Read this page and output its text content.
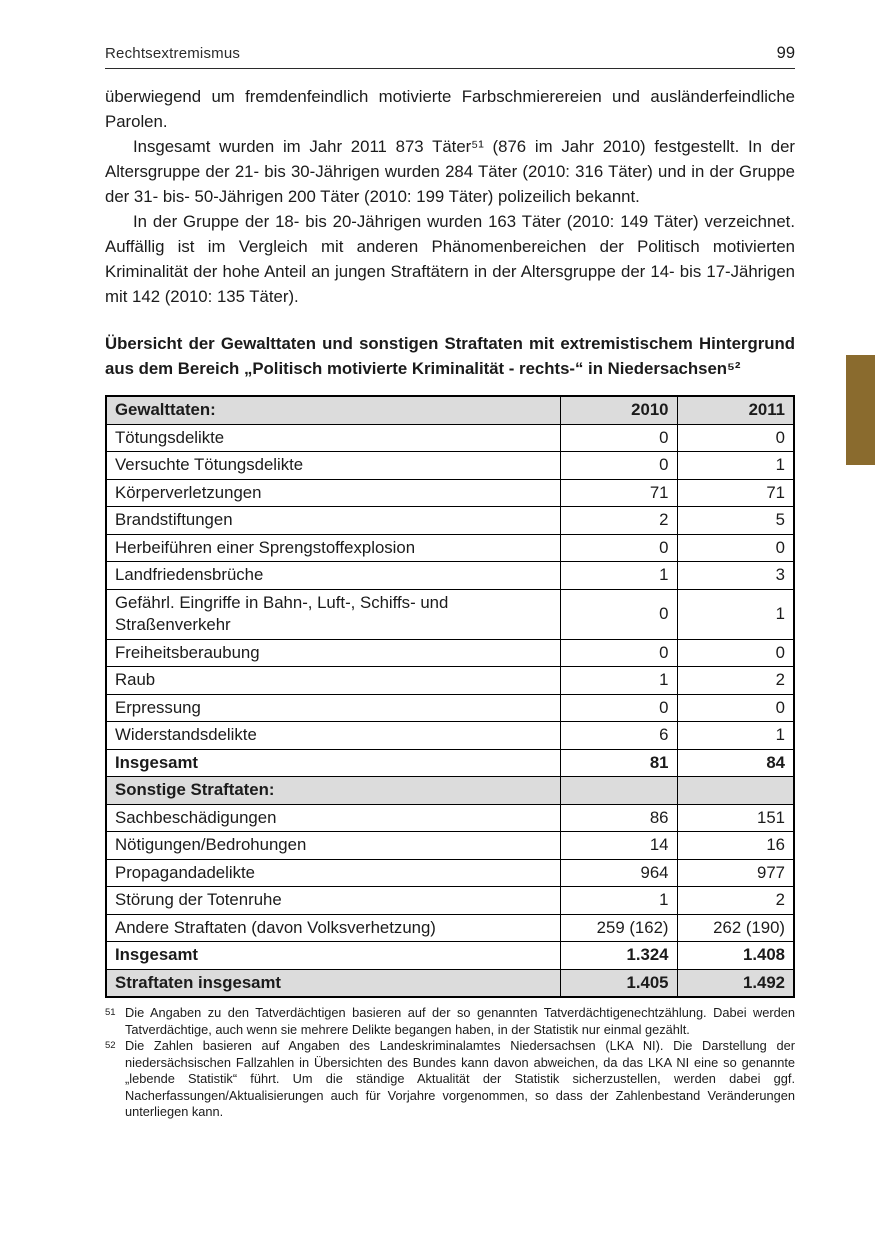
Rechtsextremismus	99

überwiegend um fremdenfeindlich motivierte Farbschmierereien und ausländerfeindliche Parolen.

Insgesamt wurden im Jahr 2011 873 Täter⁵¹ (876 im Jahr 2010) festgestellt. In der Altersgruppe der 21- bis 30-Jährigen wurden 284 Täter (2010: 316 Täter) und in der Gruppe der 31- bis- 50-Jährigen 200 Täter (2010: 199 Täter) polizeilich bekannt.

In der Gruppe der 18- bis 20-Jährigen wurden 163 Täter (2010: 149 Täter) verzeichnet. Auffällig ist im Vergleich mit anderen Phänomenbereichen der Politisch motivierten Kriminalität der hohe Anteil an jungen Straftätern in der Altersgruppe der 14- bis 17-Jährigen mit 142 (2010: 135 Täter).

Übersicht der Gewalttaten und sonstigen Straftaten mit extremistischem Hintergrund aus dem Bereich „Politisch motivierte Kriminalität - rechts-“ in Niedersachsen⁵²
Gewalttaten:	2010	2011
Tötungsdelikte	0	0
Versuchte Tötungsdelikte	0	1
Körperverletzungen	71	71
Brandstiftungen	2	5
Herbeiführen einer Sprengstoffexplosion	0	0
Landfriedensbrüche	1	3
Gefährl. Eingriffe in Bahn-, Luft-, Schiffs- und Straßenverkehr	0	1
Freiheitsberaubung	0	0
Raub	1	2
Erpressung	0	0
Widerstandsdelikte	6	1
Insgesamt	81	84
Sonstige Straftaten:		
Sachbeschädigungen	86	151
Nötigungen/Bedrohungen	14	16
Propagandadelikte	964	977
Störung der Totenruhe	1	2
Andere Straftaten (davon Volksverhetzung)	259 (162)	262 (190)
Insgesamt	1.324	1.408
Straftaten insgesamt	1.405	1.492
51 Die Angaben zu den Tatverdächtigen basieren auf der so genannten Tatverdächtigenechtzählung. Dabei werden Tatverdächtige, auch wenn sie mehrere Delikte begangen haben, in der Statistik nur einmal gezählt.
52 Die Zahlen basieren auf Angaben des Landeskriminalamtes Niedersachsen (LKA NI). Die Darstellung der niedersächsischen Fallzahlen in Übersichten des Bundes kann davon abweichen, da das LKA NI eine so genannte „lebende Statistik“ führt. Um die ständige Aktualität der Statistik sicherzustellen, werden dabei ggf. Nacherfassungen/Aktualisierungen auch für Vorjahre vorgenommen, so dass der Zahlenbestand Veränderungen unterliegen kann.
